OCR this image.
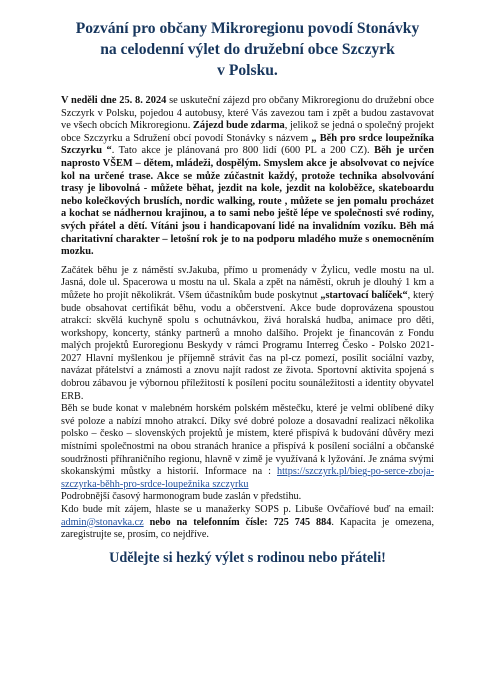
Pozvání pro občany Mikroregionu povodí Stonávky
na celodenní výlet do družební obce Szczyrk
v Polsku.

V neděli dne 25. 8. 2024 se uskuteční zájezd pro občany Mikroregionu do družební obce Szczyrk v Polsku, pojedou 4 autobusy, které Vás zavezou tam i zpět a budou zastavovat ve všech obcích Mikroregionu. Zájezd bude zdarma, jelikož se jedná o společný projekt obce Szczyrku a Sdružení obcí povodí Stonávky s názvem „ Běh pro srdce loupežníka Szczyrku “. Tato akce je plánovaná pro 800 lidí (600 PL a 200 CZ). Běh je určen naprosto VŠEM – dětem, mládeži, dospělým. Smyslem akce je absolvovat co nejvíce kol na určené trase. Akce se může zúčastnit každý, protože technika absolvování trasy je libovolná - můžete běhat, jezdit na kole, jezdit na koloběžce, skateboardu nebo kolečkových bruslích, nordic walking, route , můžete se jen pomalu procházet a kochat se nádhernou krajinou, a to sami nebo ještě lépe ve společnosti své rodiny, svých přátel a dětí. Vítáni jsou i handicapovaní lidé na invalidním vozíku. Běh má charitativní charakter – letošní rok je to na podporu mladého muže s onemocněním mozku.

Začátek běhu je z náměstí sv.Jakuba, přímo u promenády v Żylicu, vedle mostu na ul. Jasná, dole ul. Spacerowa u mostu na ul. Skala a zpět na náměstí, okruh je dlouhý 1 km a můžete ho projít několikrát. Všem účastníkům bude poskytnut „startovací balíček“, který bude obsahovat certifikát běhu, vodu a občerstvení. Akce bude doprovázena spoustou atrakcí: skvělá kuchyně spolu s ochutnávkou, živá horalská hudba, animace pro děti, workshopy, koncerty, stánky partnerů a mnoho dalšího. Projekt je financován z Fondu malých projektů Euroregionu Beskydy v rámci Programu Interreg Česko - Polsko 2021-2027 Hlavní myšlenkou je příjemně strávit čas na pl-cz pomezí, posílit sociální vazby, navázat přátelství a známosti a znovu najít radost ze života. Sportovní aktivita spojená s dobrou zábavou je výbornou příležitostí k posílení pocitu sounáležitosti a identity obyvatel ERB.

Běh se bude konat v malebném horském polském městečku, které je velmi oblíbené díky své poloze a nabízí mnoho atrakcí. Díky své dobré poloze a dosavadní realizaci několika polsko – česko – slovenských projektů je místem, které přispívá k budování důvěry mezi místními společnostmi na obou stranách hranice a přispívá k posílení sociální a občanské soudržnosti příhraničního regionu, hlavně v zimě je využívaná k lyžování. Je známa svými skokanskými můstky a historií. Informace na : https://szczyrk.pl/bieg-po-serce-zboja-szczyrka-běhh-pro-srdce-loupežnika szczyrku

Podrobnější časový harmonogram bude zaslán v předstihu.

Kdo bude mít zájem, hlaste se u manažerky SOPS p. Libuše Ovčaříové buď na email: admin@stonavka.cz nebo na telefonním čísle: 725 745 884. Kapacita je omezena, zaregistrujte se, prosím, co nejdříve.

Udělejte si hezký výlet s rodinou nebo přáteli!
